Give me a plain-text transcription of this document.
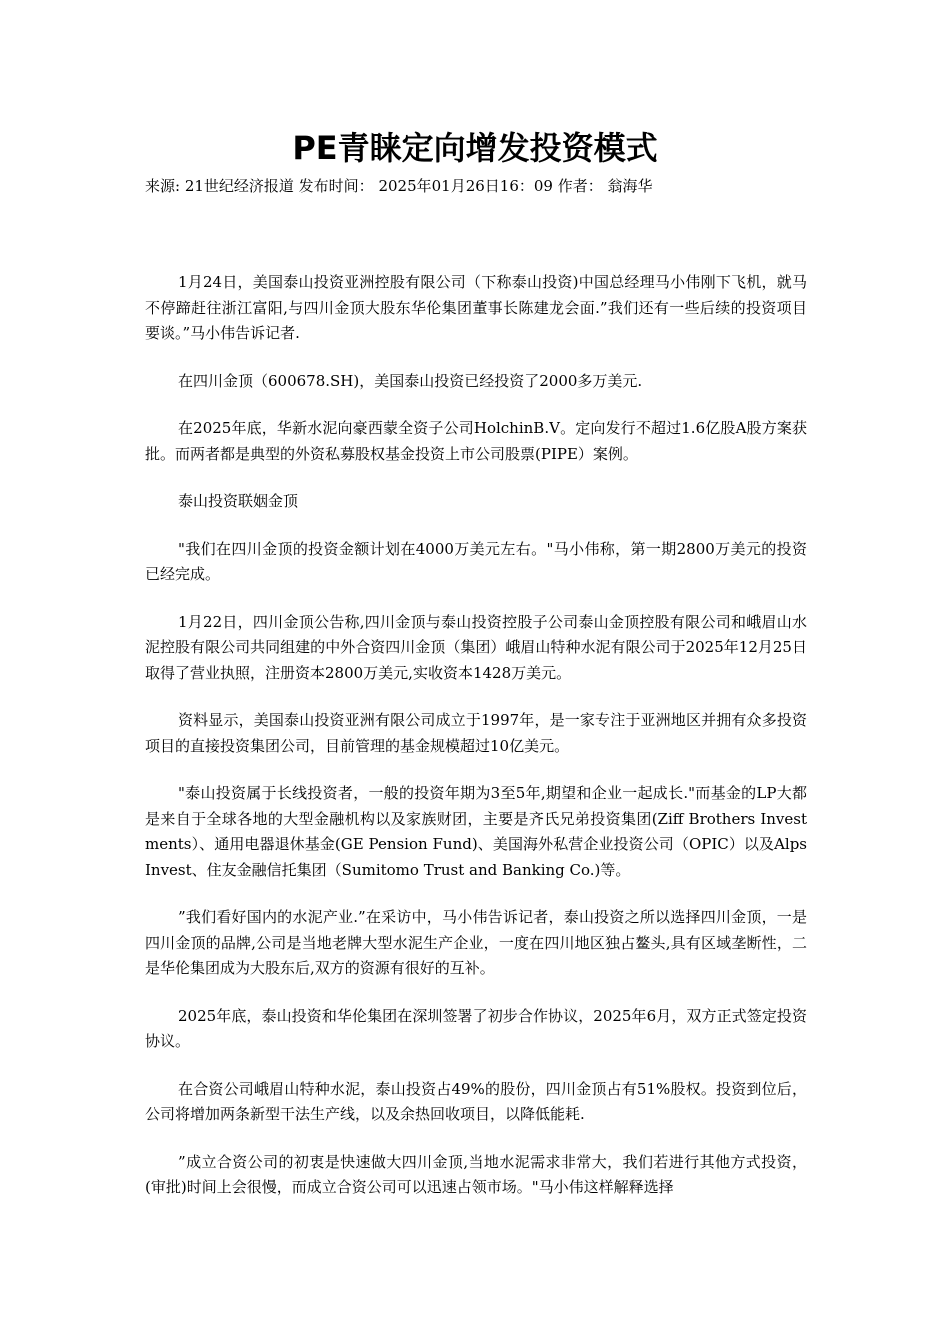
PE青睐定向增发投资模式
来源: 21世纪经济报道 发布时间： 2025年01月26日16：09 作者： 翁海华

1月24日，美国泰山投资亚洲控股有限公司（下称泰山投资)中国总经理马小伟刚下飞机，就马不停蹄赶往浙江富阳,与四川金顶大股东华伦集团董事长陈建龙会面.”我们还有一些后续的投资项目要谈。”马小伟告诉记者.

在四川金顶（600678.SH)，美国泰山投资已经投资了2000多万美元.

在2025年底，华新水泥向豪西蒙全资子公司HolchinB.V。定向发行不超过1.6亿股A股方案获批。而两者都是典型的外资私募股权基金投资上市公司股票(PIPE）案例。

泰山投资联姻金顶

"我们在四川金顶的投资金额计划在4000万美元左右。"马小伟称，第一期2800万美元的投资已经完成。

1月22日，四川金顶公告称,四川金顶与泰山投资控股子公司泰山金顶控股有限公司和峨眉山水泥控股有限公司共同组建的中外合资四川金顶（集团）峨眉山特种水泥有限公司于2025年12月25日取得了营业执照，注册资本2800万美元,实收资本1428万美元。

资料显示，美国泰山投资亚洲有限公司成立于1997年，是一家专注于亚洲地区并拥有众多投资项目的直接投资集团公司，目前管理的基金规模超过10亿美元。

"泰山投资属于长线投资者，一般的投资年期为3至5年,期望和企业一起成长."而基金的LP大都是来自于全球各地的大型金融机构以及家族财团，主要是齐氏兄弟投资集团(Ziff Brothers Investments）、通用电器退休基金(GE Pension Fund)、美国海外私营企业投资公司（OPIC）以及AlpsInvest、住友金融信托集团（Sumitomo Trust and Banking Co.)等。

”我们看好国内的水泥产业.”在采访中，马小伟告诉记者，泰山投资之所以选择四川金顶，一是四川金顶的品牌,公司是当地老牌大型水泥生产企业，一度在四川地区独占鳌头,具有区域垄断性，二是华伦集团成为大股东后,双方的资源有很好的互补。

2025年底，泰山投资和华伦集团在深圳签署了初步合作协议，2025年6月，双方正式签定投资协议。

在合资公司峨眉山特种水泥，泰山投资占49%的股份，四川金顶占有51%股权。投资到位后，公司将增加两条新型干法生产线，以及余热回收项目，以降低能耗.

”成立合资公司的初衷是快速做大四川金顶,当地水泥需求非常大，我们若进行其他方式投资，(审批)时间上会很慢，而成立合资公司可以迅速占领市场。"马小伟这样解释选择
